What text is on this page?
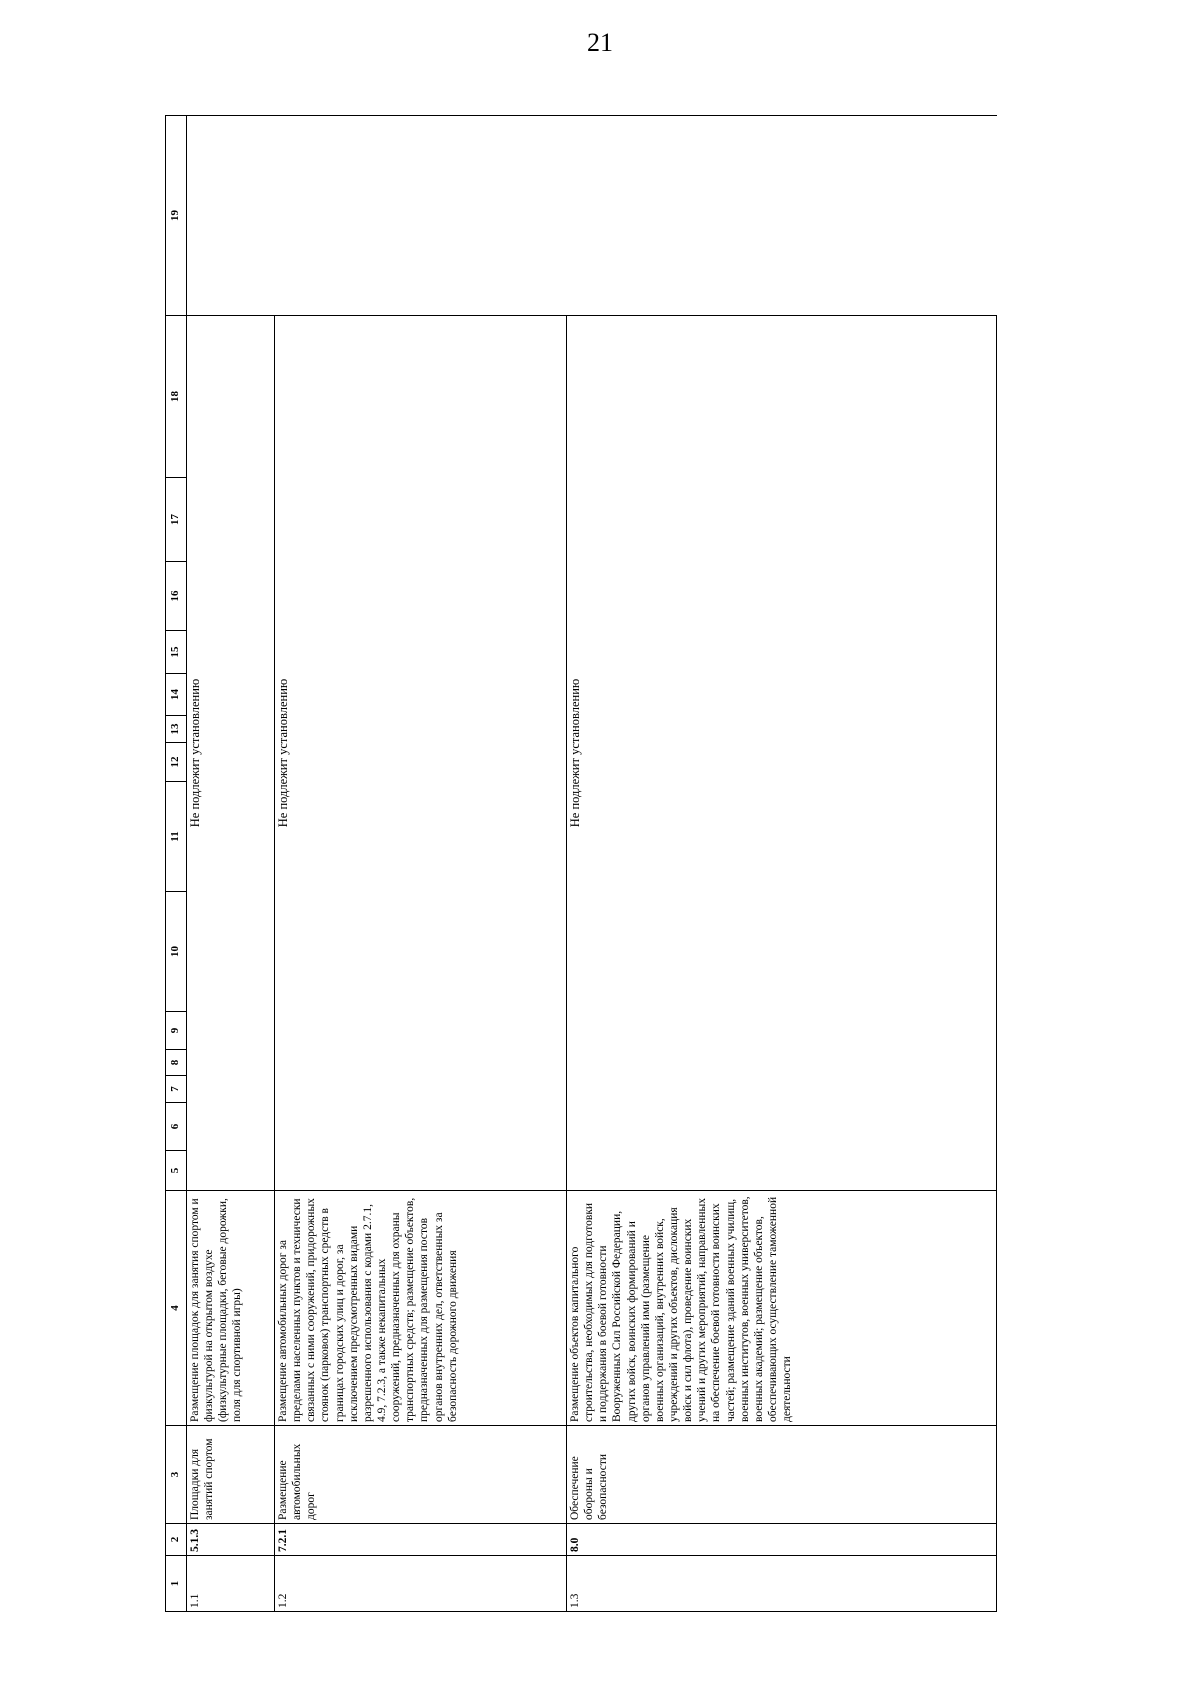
21
1	2	3	4	5	6	7	8	9	10	11	12	13	14	15	16	17	18	19
1.1	5.1.3	Площадки для занятий спортом	Размещение площадок для занятия спортом и физкультурой на открытом воздухе (физкультурные площадки, беговые дорожки, поля для спортивной игры)	Не подлежит установлению														
1.2	7.2.1	Размещение автомобильных дорог	Размещение автомобильных дорог за пределами населенных пунктов и технически связанных с ними сооружений, придорожных стоянок (парковок) транспортных средств в границах городских улиц и дорог, за исключением предусмотренных видами разрешенного использования с кодами 2.7.1, 4.9, 7.2.3, а также некапитальных сооружений, предназначенных для охраны транспортных средств; размещение объектов, предназначенных для размещения постов органов внутренних дел, ответственных за безопасность дорожного движения	Не подлежит установлению														
1.3	8.0	Обеспечение обороны и безопасности	Размещение объектов капитального строительства, необходимых для подготовки и поддержания в боевой готовности Вооруженных Сил Российской Федерации, других войск, воинских формирований и органов управлений ими (размещение военных организаций, внутренних войск, учреждений и других объектов, дислокация войск и сил флота), проведение воинских учений и других мероприятий, направленных на обеспечение боевой готовности воинских частей; размещение зданий военных училищ, военных институтов, военных университетов, военных академий; размещение объектов, обеспечивающих осуществление таможенной деятельности	Не подлежит установлению														
